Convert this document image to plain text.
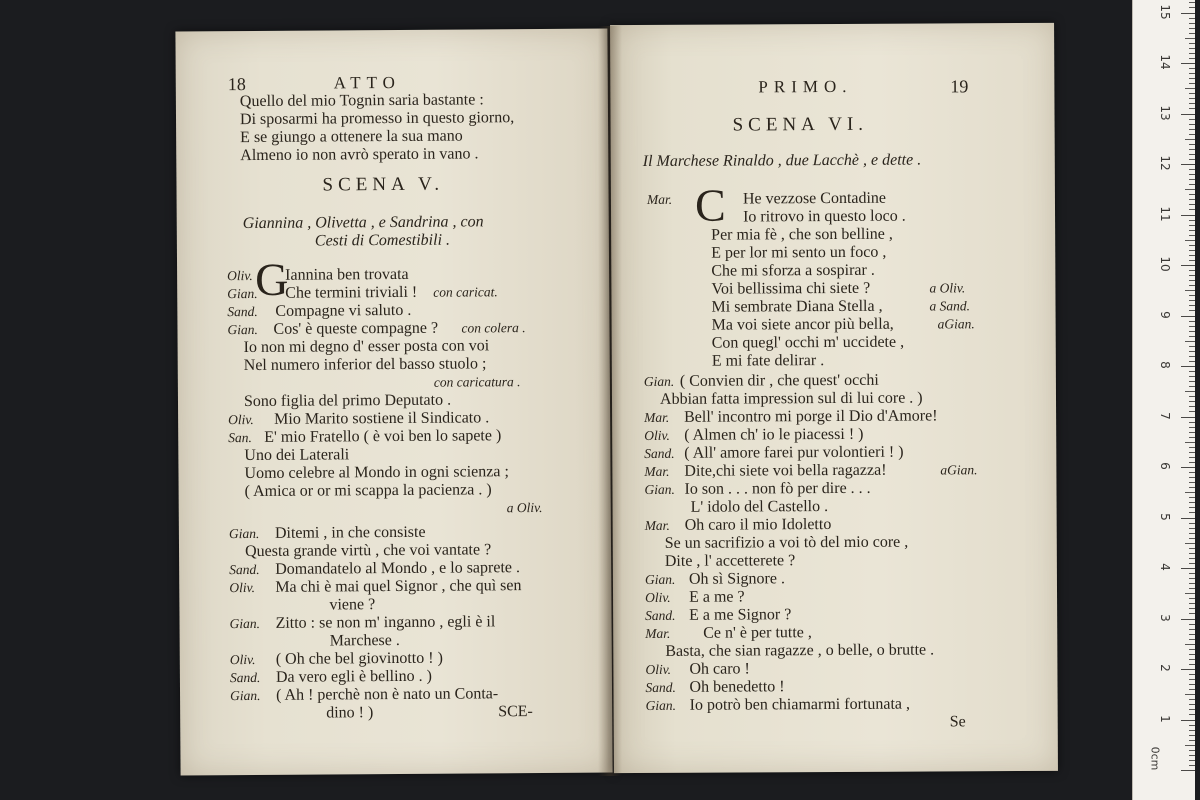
18	ATTO
Quello del mio Tognin saria bastante :
Di sposarmi ha promesso in questo giorno,
E se giungo a ottenere la sua mano
Almeno io non avrò sperato in vano .
SCENA V.
Giannina , Olivetta , e Sandrina , con
Cesti di Comestibili .
G
Oliv. Iannina ben trovata
Gian. Che termini triviali ! con caricat.
Sand. Compagne vi saluto .
Gian. Cos' è queste compagne ? con colera .
Io non mi degno d' esser posta con voi
Nel numero inferior del basso stuolo ;
con caricatura .
Sono figlia del primo Deputato .
Oliv. Mio Marito sostiene il Sindicato .
San. E' mio Fratello ( è voi ben lo sapete )
Uno dei Laterali
Uomo celebre al Mondo in ogni scienza ;
( Amica or or mi scappa la pacienza . )
a Oliv.
Gian. Ditemi , in che consiste
Questa grande virtù , che voi vantate ?
Sand. Domandatelo al Mondo , e lo saprete .
Oliv. Ma chi è mai quel Signor , che quì sen
viene ?
Gian. Zitto : se non m' inganno , egli è il
Marchese .
Oliv. ( Oh che bel giovinotto ! )
Sand. Da vero egli è bellino . )
Gian. ( Ah ! perchè non è nato un Conta-
dino ! )	SCE-
PRIMO.	19
SCENA VI.
Il Marchese Rinaldo , due Lacchè , e dette .
C
Mar.	He vezzose Contadine
Io ritrovo in questo loco .
Per mia fè , che son belline ,
E per lor mi sento un foco ,
Che mi sforza a sospirar .
Voi bellissima chi siete ?	a Oliv.
Mi sembrate Diana Stella ,	a Sand.
Ma voi siete ancor più bella,	aGian.
Con quegl' occhi m' uccidete ,
E mi fate delirar .
Gian. ( Convien dir , che quest' occhi
Abbian fatta impression sul di lui core . )
Mar. Bell' incontro mi porge il Dio d'Amore!
Oliv. ( Almen ch' io le piacessi ! )
Sand. ( All' amore farei pur volontieri ! )
Mar. Dite,chi siete voi bella ragazza!	aGian.
Gian. Io son . . . non fò per dire . . .
L' idolo del Castello .
Mar. Oh caro il mio Idoletto
Se un sacrifizio a voi tò del mio core ,
Dite , l' accetterete ?
Gian. Oh sì Signore .
Oliv. E a me ?
Sand. E a me Signor ?
Mar. Ce n' è per tutte ,
Basta, che sian ragazze , o belle, o brutte .
Oliv. Oh caro !
Sand. Oh benedetto !
Gian. Io potrò ben chiamarmi fortunata ,
Se	1
2
3
4
5
6
7
8
9
10
11
12
13
14
15
0cm
